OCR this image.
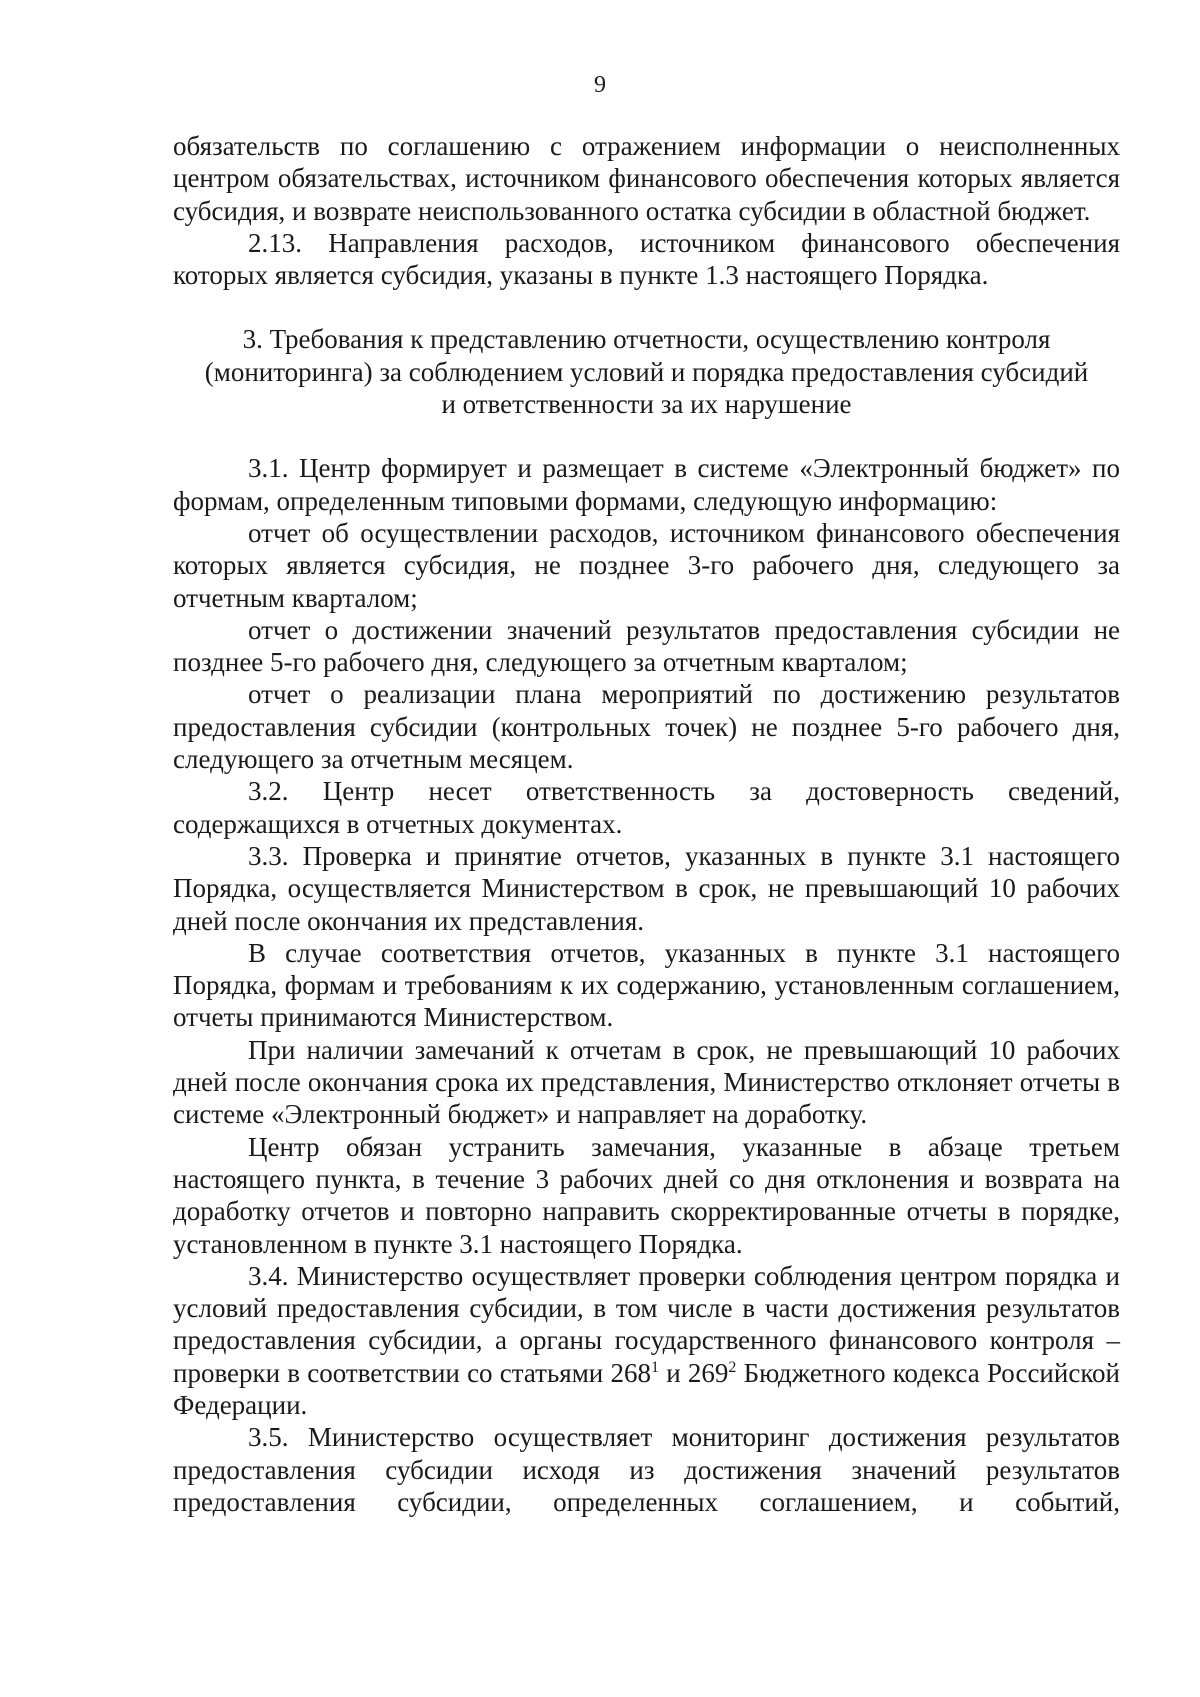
9

обязательств по соглашению с отражением информации о неисполненных центром обязательствах, источником финансового обеспечения которых является субсидия, и возврате неиспользованного остатка субсидии в областной бюджет.

2.13. Направления расходов, источником финансового обеспечения которых является субсидия, указаны в пункте 1.3 настоящего Порядка.

3. Требования к представлению отчетности, осуществлению контроля
(мониторинга) за соблюдением условий и порядка предоставления субсидий
и ответственности за их нарушение

3.1. Центр формирует и размещает в системе «Электронный бюджет» по формам, определенным типовыми формами, следующую информацию:

отчет об осуществлении расходов, источником финансового обеспечения которых является субсидия, не позднее 3-го рабочего дня, следующего за отчетным кварталом;

отчет о достижении значений результатов предоставления субсидии не позднее 5-го рабочего дня, следующего за отчетным кварталом;

отчет о реализации плана мероприятий по достижению результатов предоставления субсидии (контрольных точек) не позднее 5-го рабочего дня, следующего за отчетным месяцем.

3.2. Центр несет ответственность за достоверность сведений, содержащихся в отчетных документах.

3.3. Проверка и принятие отчетов, указанных в пункте 3.1 настоящего Порядка, осуществляется Министерством в срок, не превышающий 10 рабочих дней после окончания их представления.

В случае соответствия отчетов, указанных в пункте 3.1 настоящего Порядка, формам и требованиям к их содержанию, установленным соглашением, отчеты принимаются Министерством.

При наличии замечаний к отчетам в срок, не превышающий 10 рабочих дней после окончания срока их представления, Министерство отклоняет отчеты в системе «Электронный бюджет» и направляет на доработку.

Центр обязан устранить замечания, указанные в абзаце третьем настоящего пункта, в течение 3 рабочих дней со дня отклонения и возврата на доработку отчетов и повторно направить скорректированные отчеты в порядке, установленном в пункте 3.1 настоящего Порядка.

3.4. Министерство осуществляет проверки соблюдения центром порядка и условий предоставления субсидии, в том числе в части достижения результатов предоставления субсидии, а органы государственного финансового контроля – проверки в соответствии со статьями $268^1$ и $269^2$ Бюджетного кодекса Российской Федерации.

3.5. Министерство осуществляет мониторинг достижения результатов предоставления субсидии исходя из достижения значений результатов предоставления субсидии, определенных соглашением, и событий,
